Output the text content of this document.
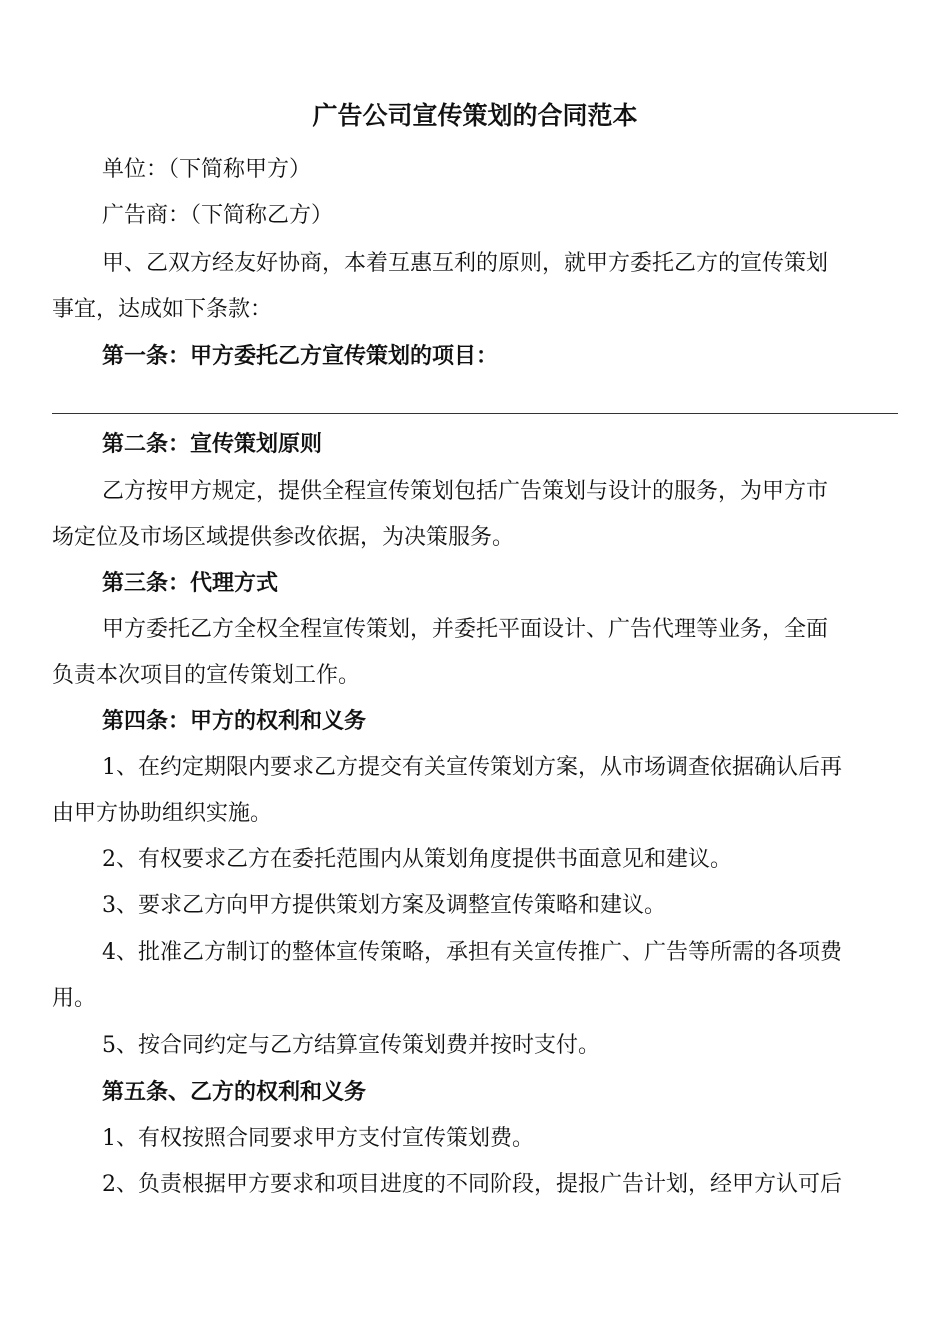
广告公司宣传策划的合同范本

单位：（下简称甲方）

广告商：（下简称乙方）

甲、乙双方经友好协商，本着互惠互利的原则，就甲方委托乙方的宣传策划

事宜，达成如下条款：

第一条：甲方委托乙方宣传策划的项目：

第二条：宣传策划原则

乙方按甲方规定，提供全程宣传策划包括广告策划与设计的服务，为甲方市

场定位及市场区域提供参改依据，为决策服务。

第三条：代理方式

甲方委托乙方全权全程宣传策划，并委托平面设计、广告代理等业务，全面

负责本次项目的宣传策划工作。

第四条：甲方的权利和义务

1、在约定期限内要求乙方提交有关宣传策划方案，从市场调查依据确认后再

由甲方协助组织实施。

2、有权要求乙方在委托范围内从策划角度提供书面意见和建议。

3、要求乙方向甲方提供策划方案及调整宣传策略和建议。

4、批准乙方制订的整体宣传策略，承担有关宣传推广、广告等所需的各项费

用。

5、按合同约定与乙方结算宣传策划费并按时支付。

第五条、乙方的权利和义务

1、有权按照合同要求甲方支付宣传策划费。

2、负责根据甲方要求和项目进度的不同阶段，提报广告计划，经甲方认可后
